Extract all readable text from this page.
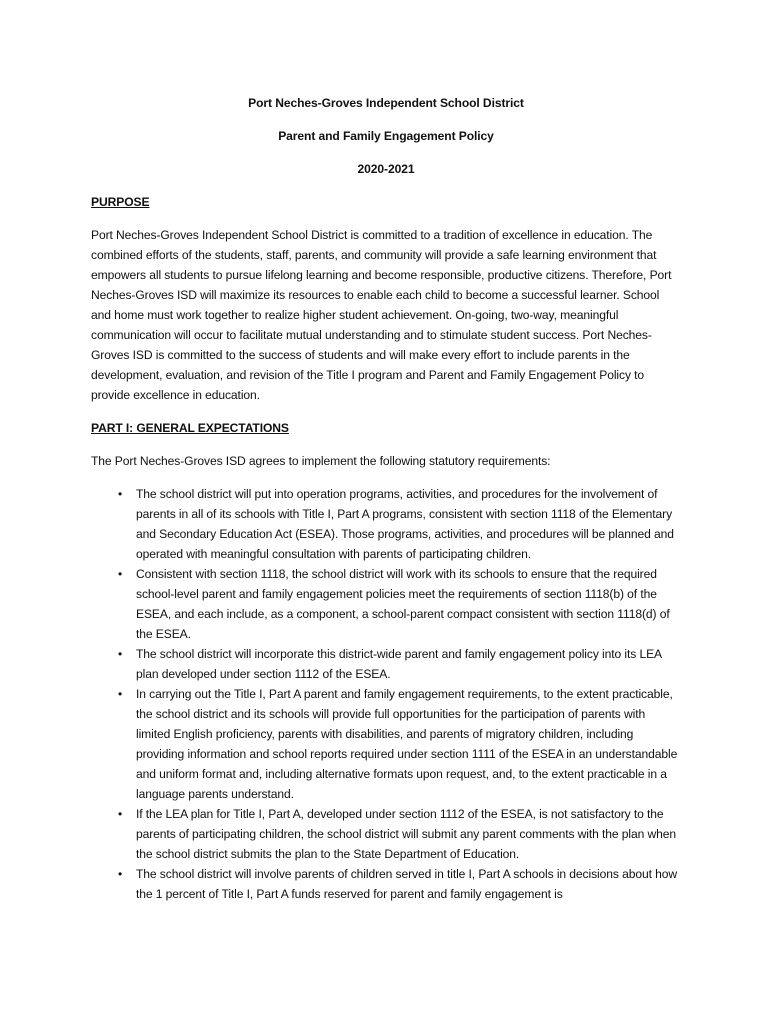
Port Neches-Groves Independent School District
Parent and Family Engagement Policy
2020-2021
PURPOSE

Port Neches-Groves Independent School District is committed to a tradition of excellence in education. The combined efforts of the students, staff, parents, and community will provide a safe learning environment that empowers all students to pursue lifelong learning and become responsible, productive citizens. Therefore, Port Neches-Groves ISD will maximize its resources to enable each child to become a successful learner. School and home must work together to realize higher student achievement. On-going, two-way, meaningful communication will occur to facilitate mutual understanding and to stimulate student success. Port Neches-Groves ISD is committed to the success of students and will make every effort to include parents in the development, evaluation, and revision of the Title I program and Parent and Family Engagement Policy to provide excellence in education.

PART I: GENERAL EXPECTATIONS

The Port Neches-Groves ISD agrees to implement the following statutory requirements:

• The school district will put into operation programs, activities, and procedures for the involvement of parents in all of its schools with Title I, Part A programs, consistent with section 1118 of the Elementary and Secondary Education Act (ESEA). Those programs, activities, and procedures will be planned and operated with meaningful consultation with parents of participating children.
• Consistent with section 1118, the school district will work with its schools to ensure that the required school-level parent and family engagement policies meet the requirements of section 1118(b) of the ESEA, and each include, as a component, a school-parent compact consistent with section 1118(d) of the ESEA.
• The school district will incorporate this district-wide parent and family engagement policy into its LEA plan developed under section 1112 of the ESEA.
• In carrying out the Title I, Part A parent and family engagement requirements, to the extent practicable, the school district and its schools will provide full opportunities for the participation of parents with limited English proficiency, parents with disabilities, and parents of migratory children, including providing information and school reports required under section 1111 of the ESEA in an understandable and uniform format and, including alternative formats upon request, and, to the extent practicable in a language parents understand.
• If the LEA plan for Title I, Part A, developed under section 1112 of the ESEA, is not satisfactory to the parents of participating children, the school district will submit any parent comments with the plan when the school district submits the plan to the State Department of Education.
• The school district will involve parents of children served in title I, Part A schools in decisions about how the 1 percent of Title I, Part A funds reserved for parent and family engagement is
